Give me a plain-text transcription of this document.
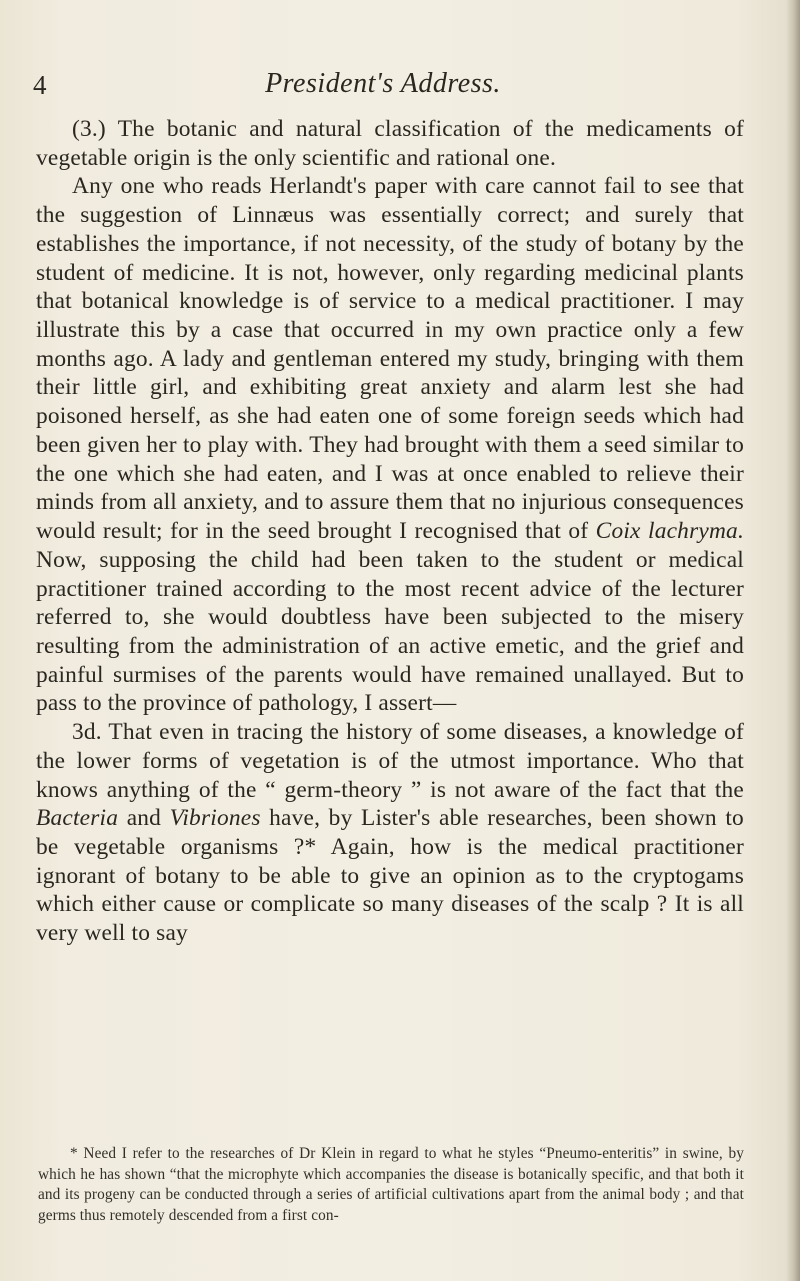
4	President's Address.

(3.) The botanic and natural classification of the medicaments of vegetable origin is the only scientific and rational one.

Any one who reads Herlandt's paper with care cannot fail to see that the suggestion of Linnæus was essentially correct; and surely that establishes the importance, if not necessity, of the study of botany by the student of medicine. It is not, however, only regarding medicinal plants that botanical knowledge is of service to a medical practitioner. I may illustrate this by a case that occurred in my own practice only a few months ago. A lady and gentleman entered my study, bringing with them their little girl, and exhibiting great anxiety and alarm lest she had poisoned herself, as she had eaten one of some foreign seeds which had been given her to play with. They had brought with them a seed similar to the one which she had eaten, and I was at once enabled to relieve their minds from all anxiety, and to assure them that no injurious consequences would result; for in the seed brought I recognised that of Coix lachryma. Now, supposing the child had been taken to the student or medical practitioner trained according to the most recent advice of the lecturer referred to, she would doubtless have been subjected to the misery resulting from the administration of an active emetic, and the grief and painful surmises of the parents would have remained unallayed. But to pass to the province of pathology, I assert—

3d. That even in tracing the history of some diseases, a knowledge of the lower forms of vegetation is of the utmost importance. Who that knows anything of the “ germ-theory ” is not aware of the fact that the Bacteria and Vibriones have, by Lister's able researches, been shown to be vegetable organisms ?* Again, how is the medical practitioner ignorant of botany to be able to give an opinion as to the cryptogams which either cause or complicate so many diseases of the scalp ? It is all very well to say

* Need I refer to the researches of Dr Klein in regard to what he styles “Pneumo-enteritis” in swine, by which he has shown “that the microphyte which accompanies the disease is botanically specific, and that both it and its progeny can be conducted through a series of artificial cultivations apart from the animal body ; and that germs thus remotely descended from a first con-
